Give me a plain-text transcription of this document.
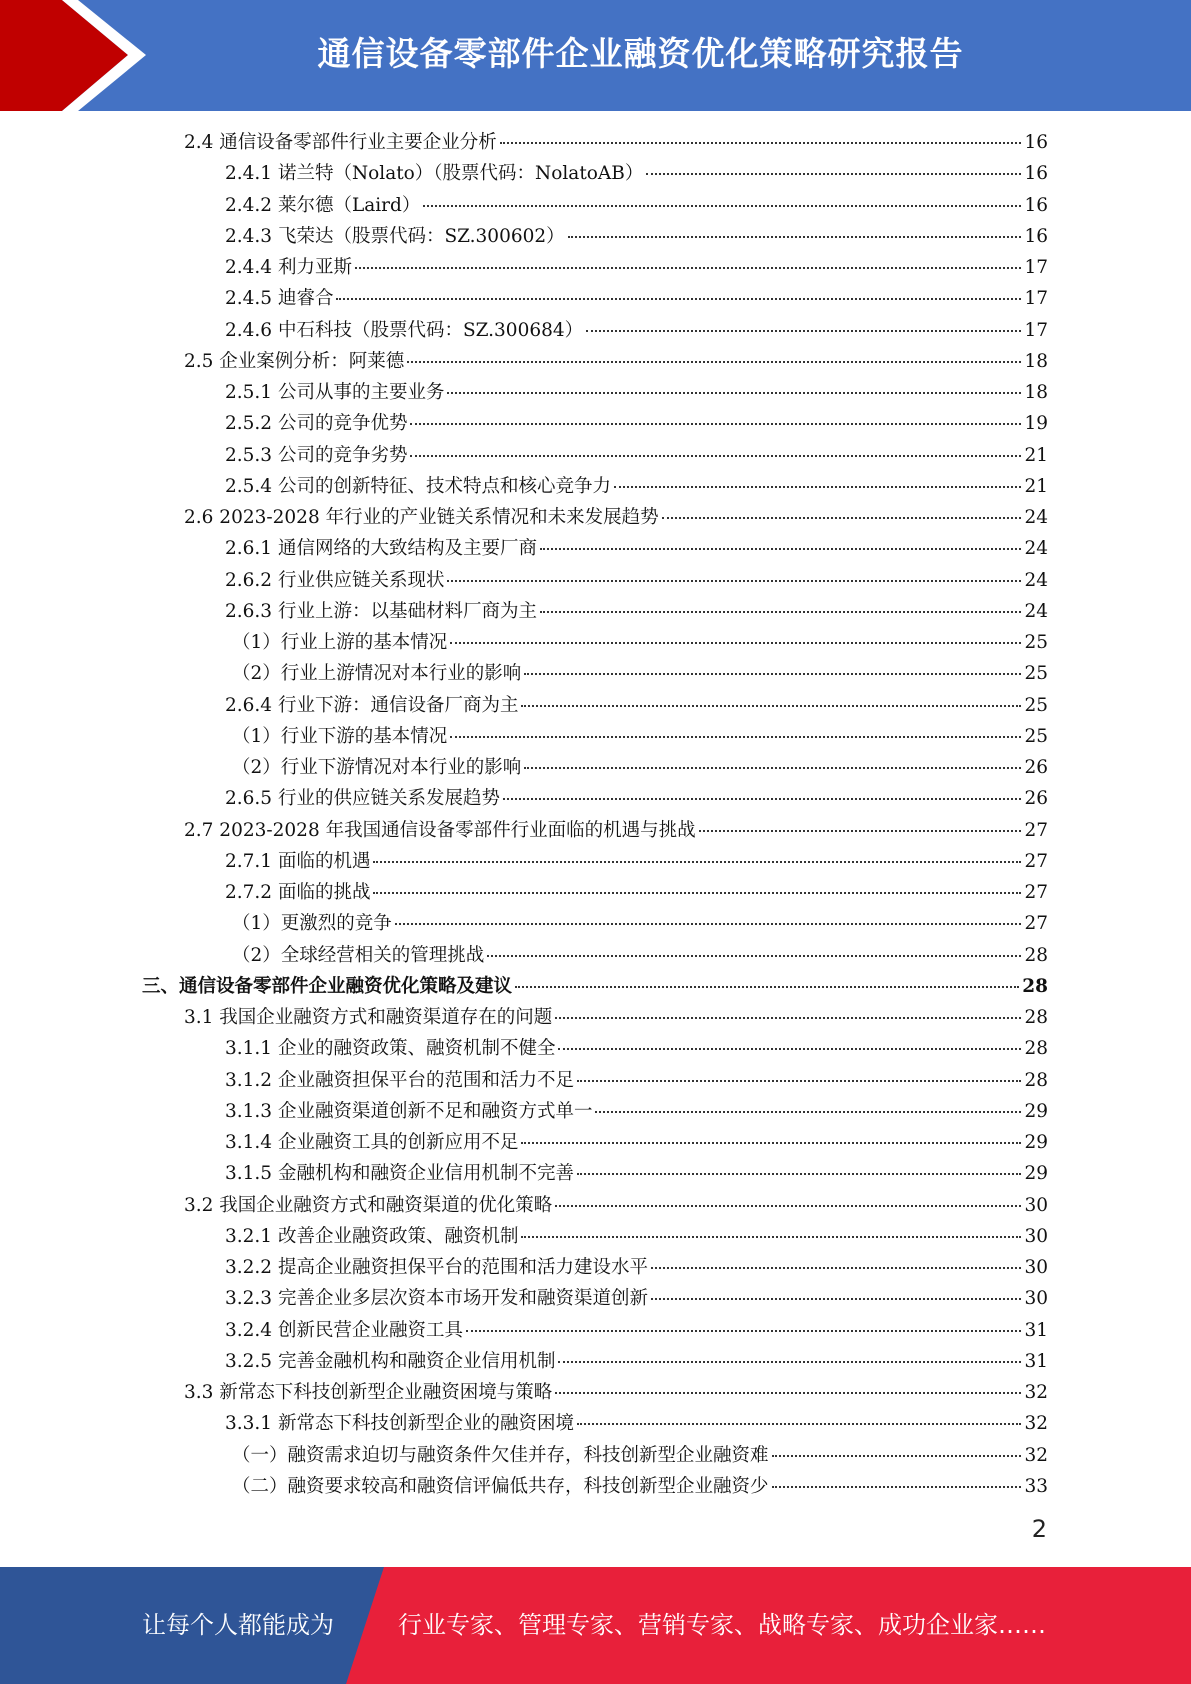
通信设备零部件企业融资优化策略研究报告
2.4 通信设备零部件行业主要企业分析	16
2.4.1 诺兰特（Nolato）（股票代码：NolatoAB）	16
2.4.2 莱尔德（Laird）	16
2.4.3 飞荣达（股票代码：SZ.300602）	16
2.4.4 利力亚斯	17
2.4.5 迪睿合	17
2.4.6 中石科技（股票代码：SZ.300684）	17
2.5 企业案例分析：阿莱德	18
2.5.1 公司从事的主要业务	18
2.5.2 公司的竞争优势	19
2.5.3 公司的竞争劣势	21
2.5.4 公司的创新特征、技术特点和核心竞争力	21
2.6 2023-2028 年行业的产业链关系情况和未来发展趋势	24
2.6.1 通信网络的大致结构及主要厂商	24
2.6.2 行业供应链关系现状	24
2.6.3 行业上游：以基础材料厂商为主	24
（1）行业上游的基本情况	25
（2）行业上游情况对本行业的影响	25
2.6.4 行业下游：通信设备厂商为主	25
（1）行业下游的基本情况	25
（2）行业下游情况对本行业的影响	26
2.6.5 行业的供应链关系发展趋势	26
2.7 2023-2028 年我国通信设备零部件行业面临的机遇与挑战	27
2.7.1 面临的机遇	27
2.7.2 面临的挑战	27
（1）更激烈的竞争	27
（2）全球经营相关的管理挑战	28
三、通信设备零部件企业融资优化策略及建议	28
3.1 我国企业融资方式和融资渠道存在的问题	28
3.1.1 企业的融资政策、融资机制不健全	28
3.1.2 企业融资担保平台的范围和活力不足	28
3.1.3 企业融资渠道创新不足和融资方式单一	29
3.1.4 企业融资工具的创新应用不足	29
3.1.5 金融机构和融资企业信用机制不完善	29
3.2 我国企业融资方式和融资渠道的优化策略	30
3.2.1 改善企业融资政策、融资机制	30
3.2.2 提高企业融资担保平台的范围和活力建设水平	30
3.2.3 完善企业多层次资本市场开发和融资渠道创新	30
3.2.4 创新民营企业融资工具	31
3.2.5 完善金融机构和融资企业信用机制	31
3.3 新常态下科技创新型企业融资困境与策略	32
3.3.1 新常态下科技创新型企业的融资困境	32
（一）融资需求迫切与融资条件欠佳并存，科技创新型企业融资难	32
（二）融资要求较高和融资信评偏低共存，科技创新型企业融资少	33
2
让每个人都能成为	行业专家、管理专家、营销专家、战略专家、成功企业家……
